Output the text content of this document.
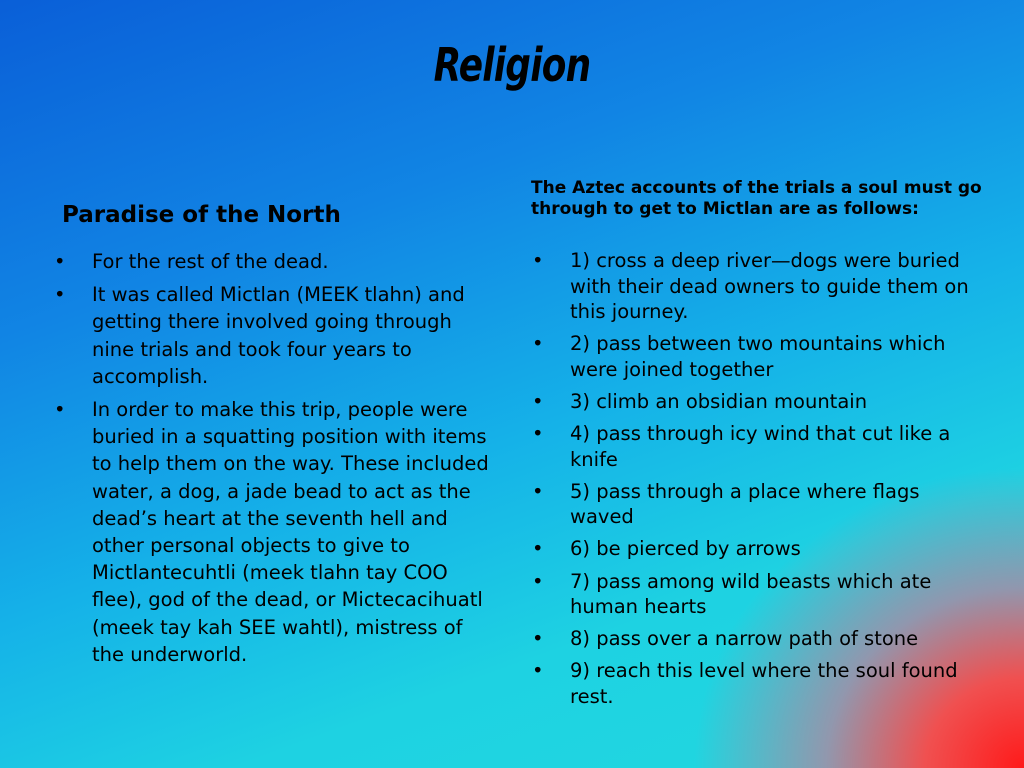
Religion
Paradise of the North
• For the rest of the dead.
• It was called Mictlan (MEEK tlahn) and getting there involved going through nine trials and took four years to accomplish.
• In order to make this trip, people were buried in a squatting position with items to help them on the way. These included water, a dog, a jade bead to act as the dead’s heart at the seventh hell and other personal objects to give to Mictlantecuhtli (meek tlahn tay COO flee), god of the dead, or Mictecacihuatl (meek tay kah SEE wahtl), mistress of the underworld.
The Aztec accounts of the trials a soul must go through to get to Mictlan are as follows:
• 1) cross a deep river—dogs were buried with their dead owners to guide them on this journey.
• 2) pass between two mountains which were joined together
• 3) climb an obsidian mountain
• 4) pass through icy wind that cut like a knife
• 5) pass through a place where flags waved
• 6) be pierced by arrows
• 7) pass among wild beasts which ate human hearts
• 8) pass over a narrow path of stone
• 9) reach this level where the soul found rest.
